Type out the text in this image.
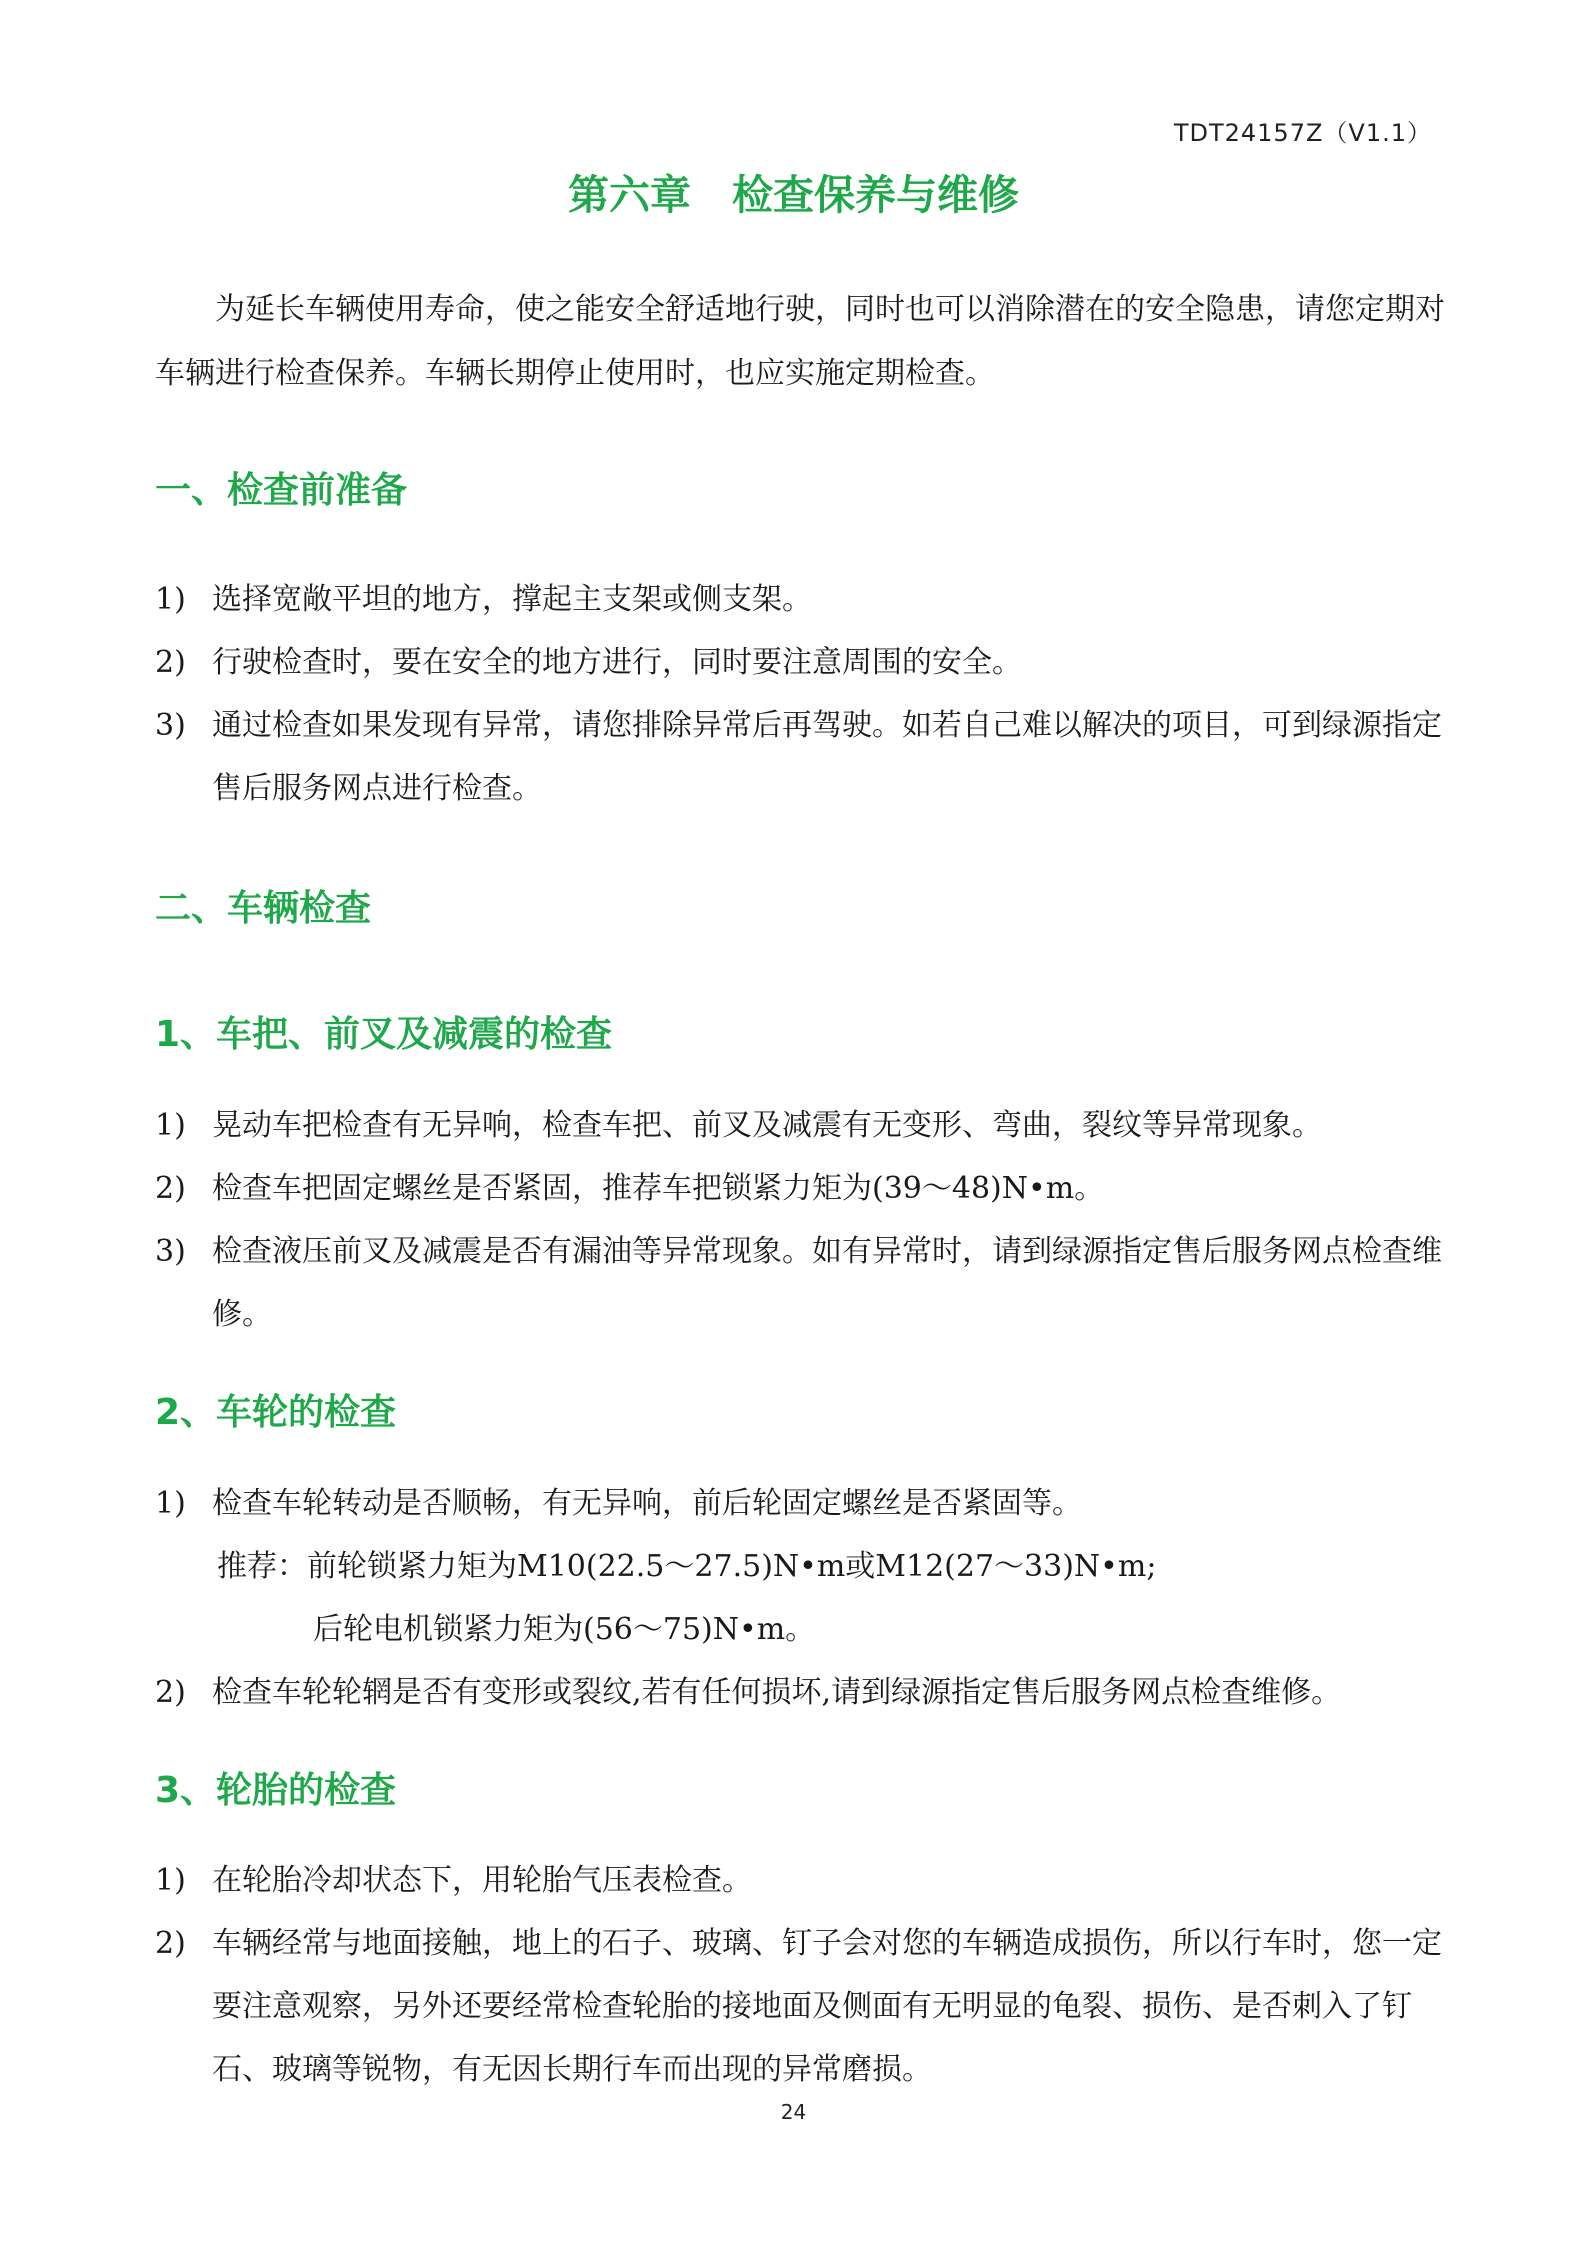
TDT24157Z（V1.1）
第六章　检查保养与维修

为延长车辆使用寿命，使之能安全舒适地行驶，同时也可以消除潜在的安全隐患，请您定期对车辆进行检查保养。车辆长期停止使用时，也应实施定期检查。

一、检查前准备
1) 选择宽敞平坦的地方，撑起主支架或侧支架。
2) 行驶检查时，要在安全的地方进行，同时要注意周围的安全。
3) 通过检查如果发现有异常，请您排除异常后再驾驶。如若自己难以解决的项目，可到绿源指定售后服务网点进行检查。
二、车辆检查
1、车把、前叉及减震的检查
1) 晃动车把检查有无异响，检查车把、前叉及减震有无变形、弯曲，裂纹等异常现象。
2) 检查车把固定螺丝是否紧固，推荐车把锁紧力矩为(39～48)N•m。
3) 检查液压前叉及减震是否有漏油等异常现象。如有异常时，请到绿源指定售后服务网点检查维修。
2、车轮的检查
1) 检查车轮转动是否顺畅，有无异响，前后轮固定螺丝是否紧固等。

推荐：前轮锁紧力矩为M10(22.5～27.5)N•m或M12(27～33)N•m;

后轮电机锁紧力矩为(56～75)N•m。

2) 检查车轮轮辋是否有变形或裂纹,若有任何损坏,请到绿源指定售后服务网点检查维修。
3、轮胎的检查
1) 在轮胎冷却状态下，用轮胎气压表检查。
2) 车辆经常与地面接触，地上的石子、玻璃、钉子会对您的车辆造成损伤，所以行车时，您一定要注意观察，另外还要经常检查轮胎的接地面及侧面有无明显的龟裂、损伤、是否刺入了钉石、玻璃等锐物，有无因长期行车而出现的异常磨损。
24
